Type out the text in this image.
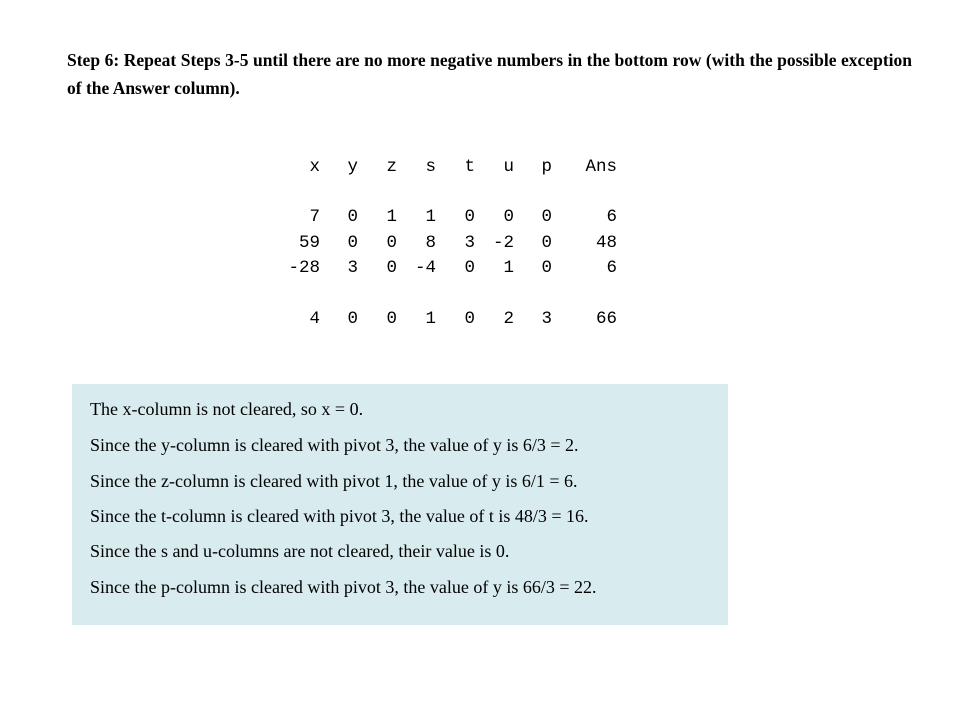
Step 6: Repeat Steps 3-5 until there are no more negative numbers in the bottom row (with the possible exception of the Answer column).

x	y	z	s	t	u	p	Ans
7	0	1	1	0	0	0	6
59	0	0	8	3	-2	0	48
-28	3	0	-4	0	1	0	6
4	0	0	1	0	2	3	66

The x-column is not cleared, so x = 0.

Since the y-column is cleared with pivot 3, the value of y is 6/3 = 2.

Since the z-column is cleared with pivot 1, the value of y is 6/1 = 6.

Since the t-column is cleared with pivot 3, the value of t is 48/3 = 16.

Since the s and u-columns are not cleared, their value is 0.

Since the p-column is cleared with pivot 3, the value of y is 66/3 = 22.
